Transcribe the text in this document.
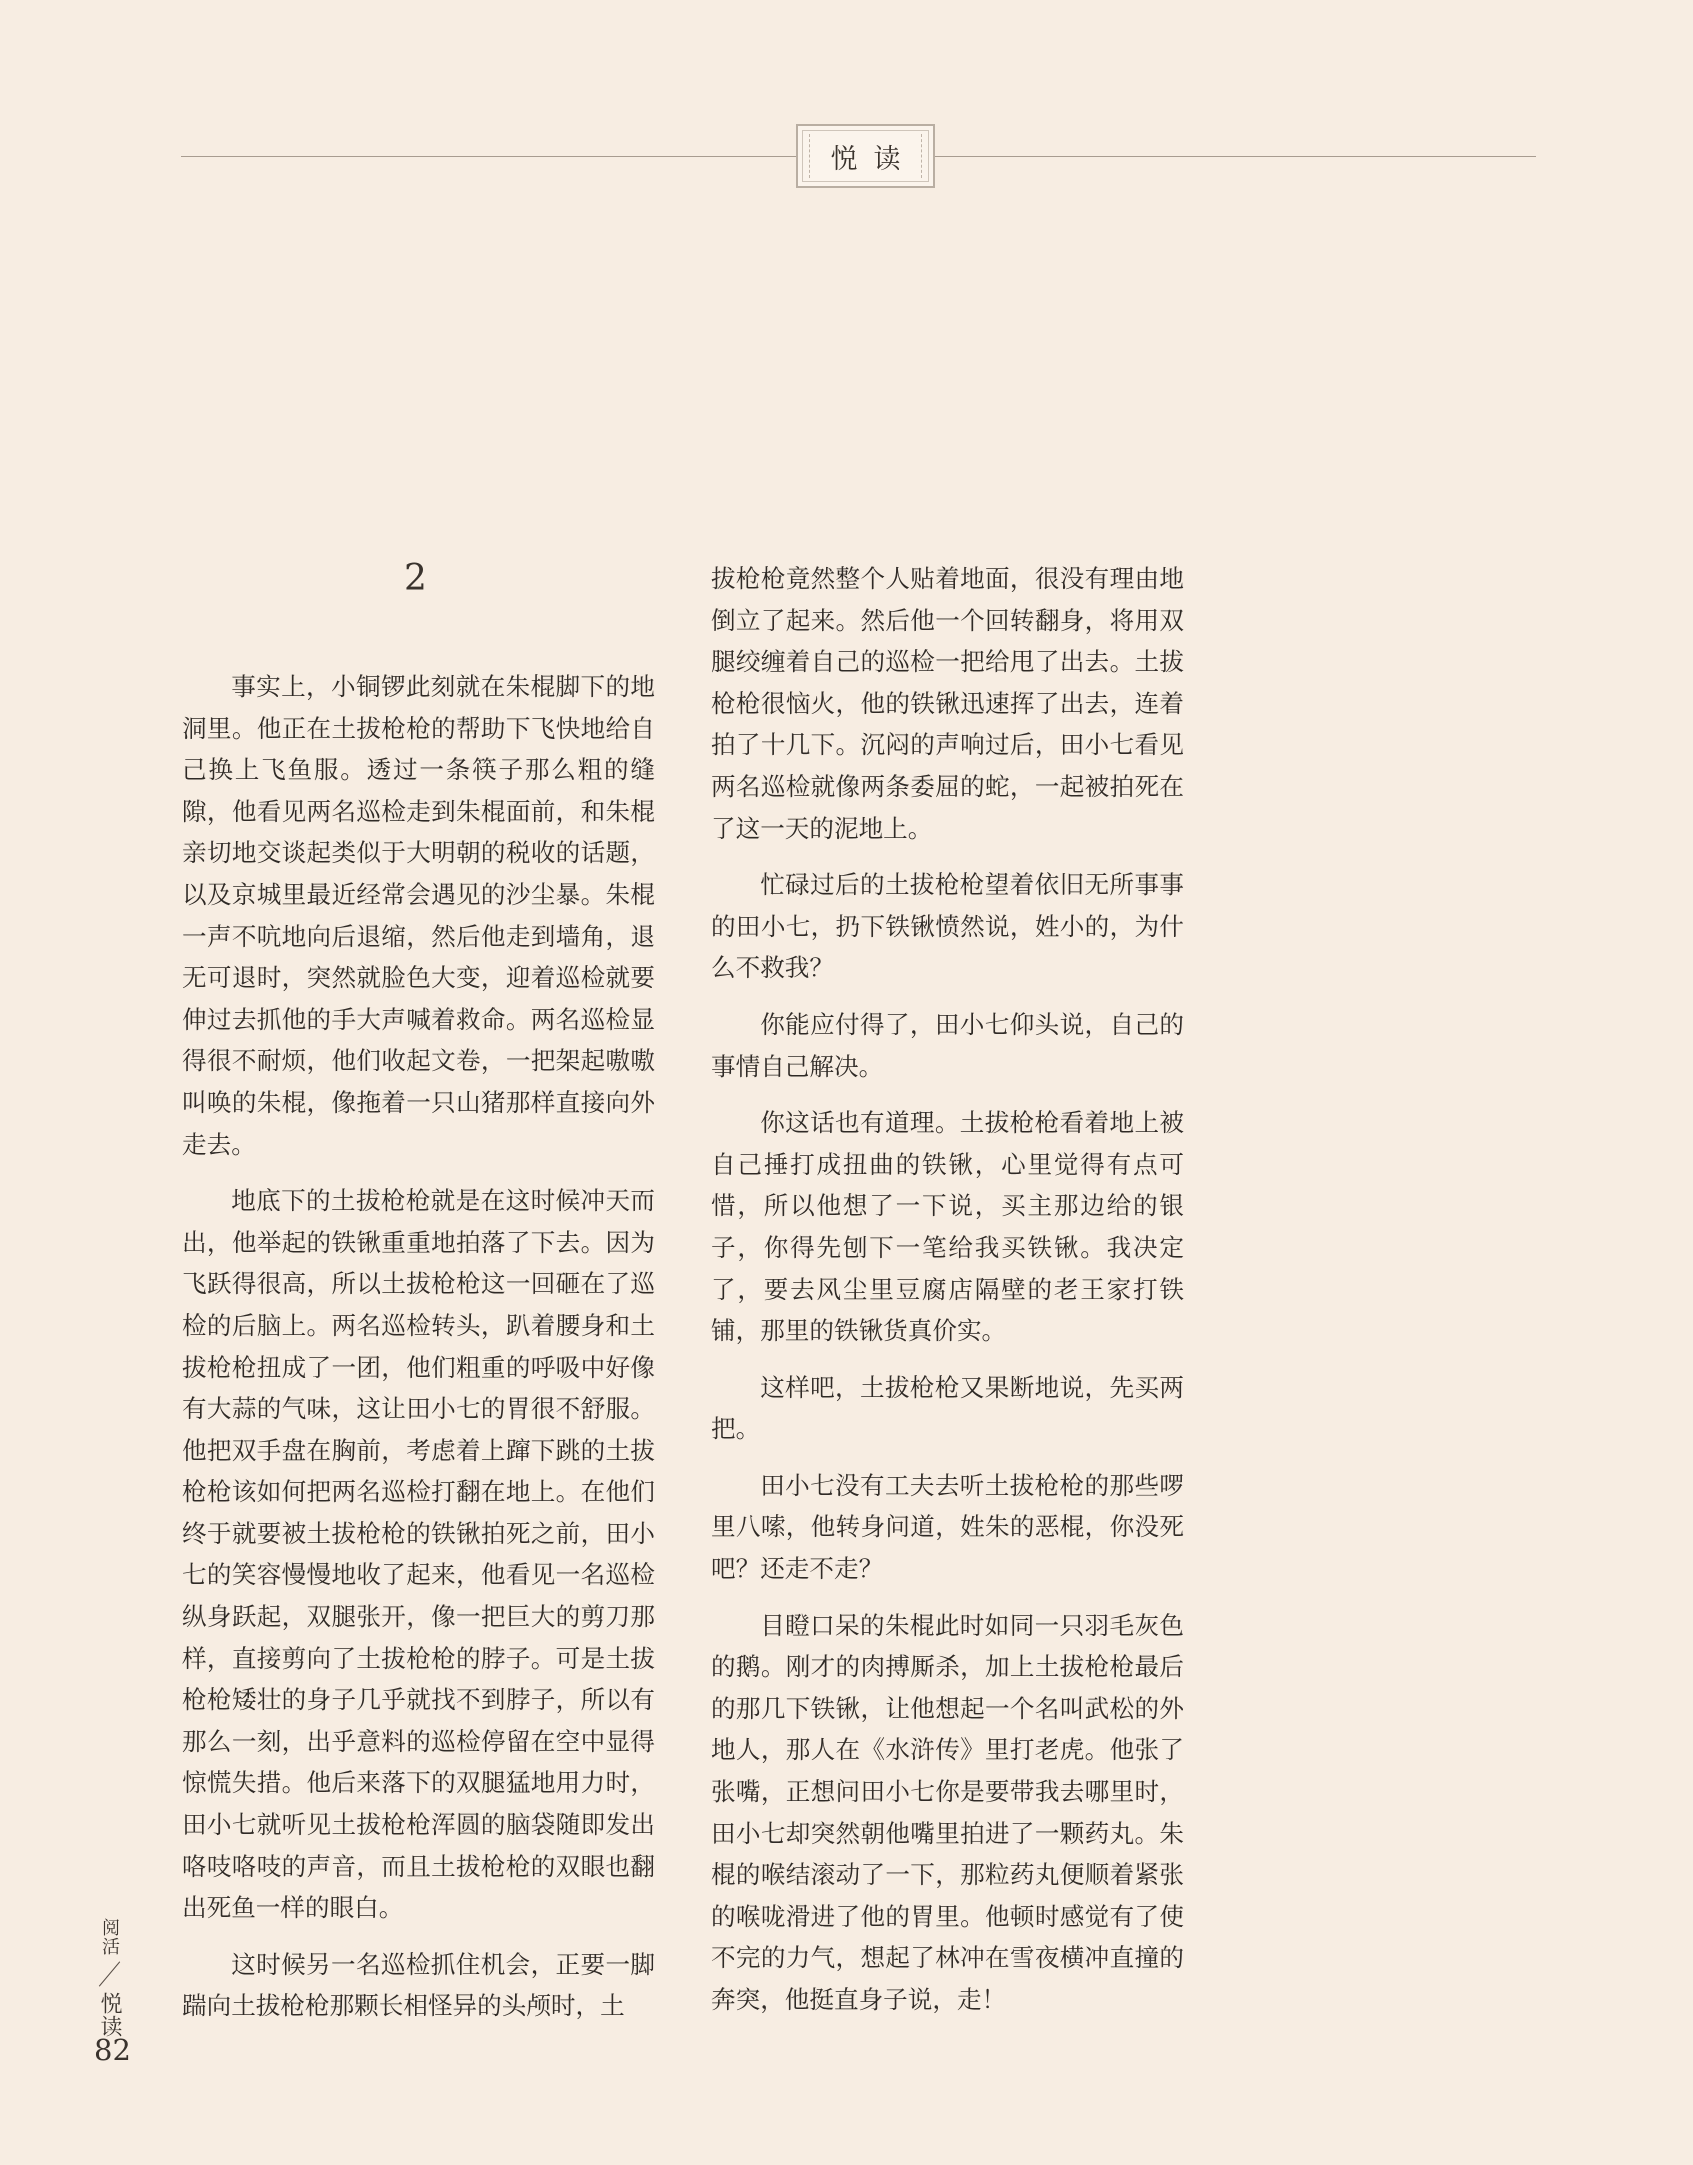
悦读
2

事实上，小铜锣此刻就在朱棍脚下的地洞里。他正在土拔枪枪的帮助下飞快地给自己换上飞鱼服。透过一条筷子那么粗的缝隙，他看见两名巡检走到朱棍面前，和朱棍亲切地交谈起类似于大明朝的税收的话题，以及京城里最近经常会遇见的沙尘暴。朱棍一声不吭地向后退缩，然后他走到墙角，退无可退时，突然就脸色大变，迎着巡检就要伸过去抓他的手大声喊着救命。两名巡检显得很不耐烦，他们收起文卷，一把架起嗷嗷叫唤的朱棍，像拖着一只山猪那样直接向外走去。

地底下的土拔枪枪就是在这时候冲天而出，他举起的铁锹重重地拍落了下去。因为飞跃得很高，所以土拔枪枪这一回砸在了巡检的后脑上。两名巡检转头，趴着腰身和土拔枪枪扭成了一团，他们粗重的呼吸中好像有大蒜的气味，这让田小七的胃很不舒服。他把双手盘在胸前，考虑着上蹿下跳的土拔枪枪该如何把两名巡检打翻在地上。在他们终于就要被土拔枪枪的铁锹拍死之前，田小七的笑容慢慢地收了起来，他看见一名巡检纵身跃起，双腿张开，像一把巨大的剪刀那样，直接剪向了土拔枪枪的脖子。可是土拔枪枪矮壮的身子几乎就找不到脖子，所以有那么一刻，出乎意料的巡检停留在空中显得惊慌失措。他后来落下的双腿猛地用力时，田小七就听见土拔枪枪浑圆的脑袋随即发出咯吱咯吱的声音，而且土拔枪枪的双眼也翻出死鱼一样的眼白。

这时候另一名巡检抓住机会，正要一脚踹向土拔枪枪那颗长相怪异的头颅时，土

拔枪枪竟然整个人贴着地面，很没有理由地倒立了起来。然后他一个回转翻身，将用双腿绞缠着自己的巡检一把给甩了出去。土拔枪枪很恼火，他的铁锹迅速挥了出去，连着拍了十几下。沉闷的声响过后，田小七看见两名巡检就像两条委屈的蛇，一起被拍死在了这一天的泥地上。

忙碌过后的土拔枪枪望着依旧无所事事的田小七，扔下铁锹愤然说，姓小的，为什么不救我？

你能应付得了，田小七仰头说，自己的事情自己解决。

你这话也有道理。土拔枪枪看着地上被自己捶打成扭曲的铁锹，心里觉得有点可惜，所以他想了一下说，买主那边给的银子，你得先刨下一笔给我买铁锹。我决定了，要去风尘里豆腐店隔壁的老王家打铁铺，那里的铁锹货真价实。

这样吧，土拔枪枪又果断地说，先买两把。

田小七没有工夫去听土拔枪枪的那些啰里八嗦，他转身问道，姓朱的恶棍，你没死吧？还走不走？

目瞪口呆的朱棍此时如同一只羽毛灰色的鹅。刚才的肉搏厮杀，加上土拔枪枪最后的那几下铁锹，让他想起一个名叫武松的外地人，那人在《水浒传》里打老虎。他张了张嘴，正想问田小七你是要带我去哪里时，田小七却突然朝他嘴里拍进了一颗药丸。朱棍的喉结滚动了一下，那粒药丸便顺着紧张的喉咙滑进了他的胃里。他顿时感觉有了使不完的力气，想起了林冲在雪夜横冲直撞的奔突，他挺直身子说，走！

阅活
悦读
82
